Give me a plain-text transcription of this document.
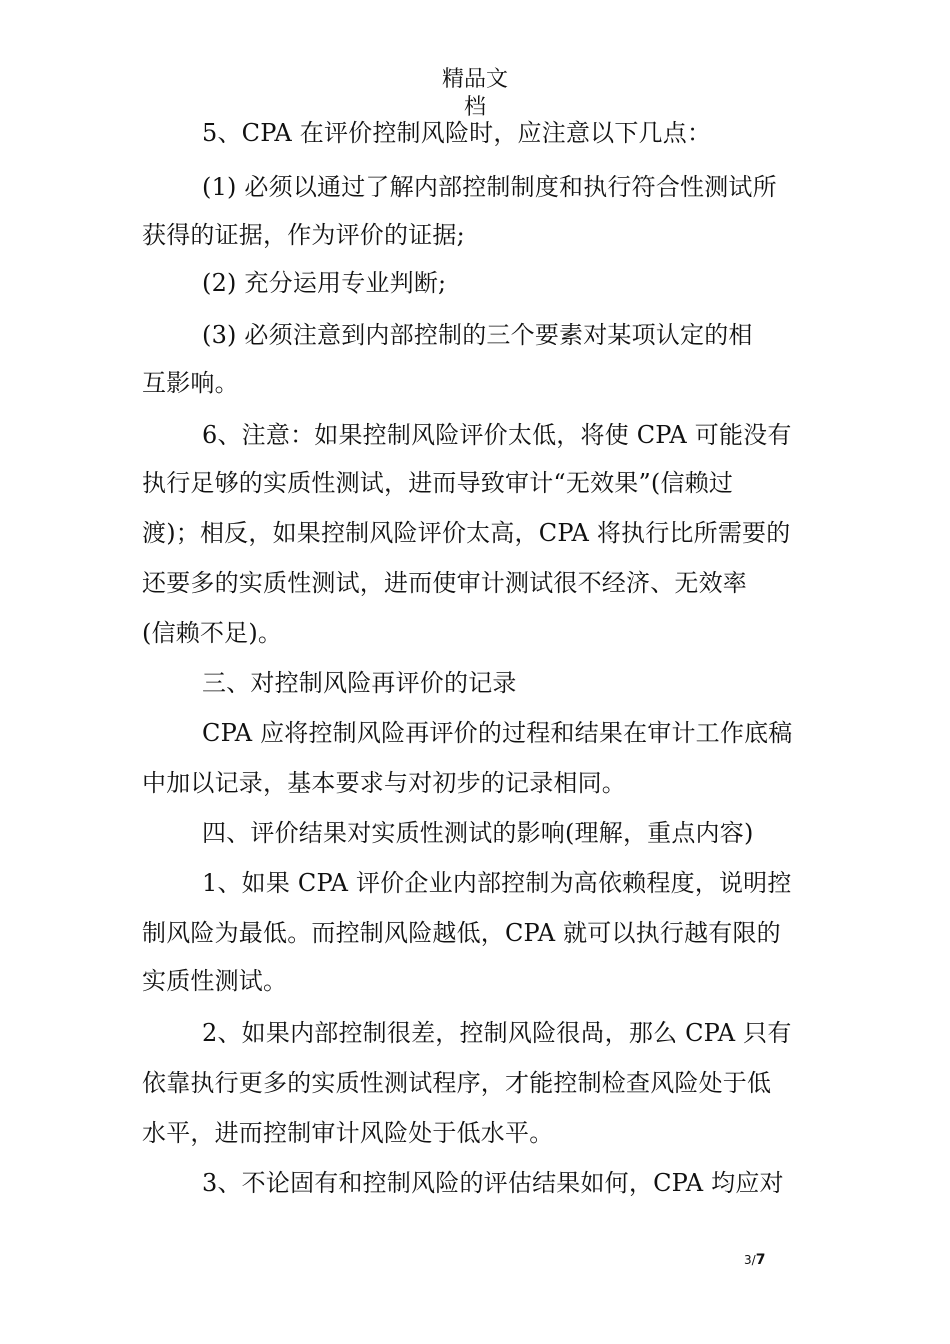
精品文
档
5、CPA 在评价控制风险时，应注意以下几点：
(1) 必须以通过了解内部控制制度和执行符合性测试所
获得的证据，作为评价的证据;
(2) 充分运用专业判断;
(3) 必须注意到内部控制的三个要素对某项认定的相
互影响。
6、注意：如果控制风险评价太低，将使 CPA 可能没有
执行足够的实质性测试，进而导致审计“无效果”(信赖过
渡)；相反，如果控制风险评价太高，CPA 将执行比所需要的
还要多的实质性测试，进而使审计测试很不经济、无效率
(信赖不足)。
三、对控制风险再评价的记录
CPA 应将控制风险再评价的过程和结果在审计工作底稿
中加以记录，基本要求与对初步的记录相同。
四、评价结果对实质性测试的影响(理解，重点内容)
1、如果 CPA 评价企业内部控制为高依赖程度，说明控
制风险为最低。而控制风险越低，CPA 就可以执行越有限的
实质性测试。
2、如果内部控制很差，控制风险很咼，那么 CPA 只有
依靠执行更多的实质性测试程序，才能控制检查风险处于低
水平，进而控制审计风险处于低水平。
3、不论固有和控制风险的评估结果如何，CPA 均应对
3/7
